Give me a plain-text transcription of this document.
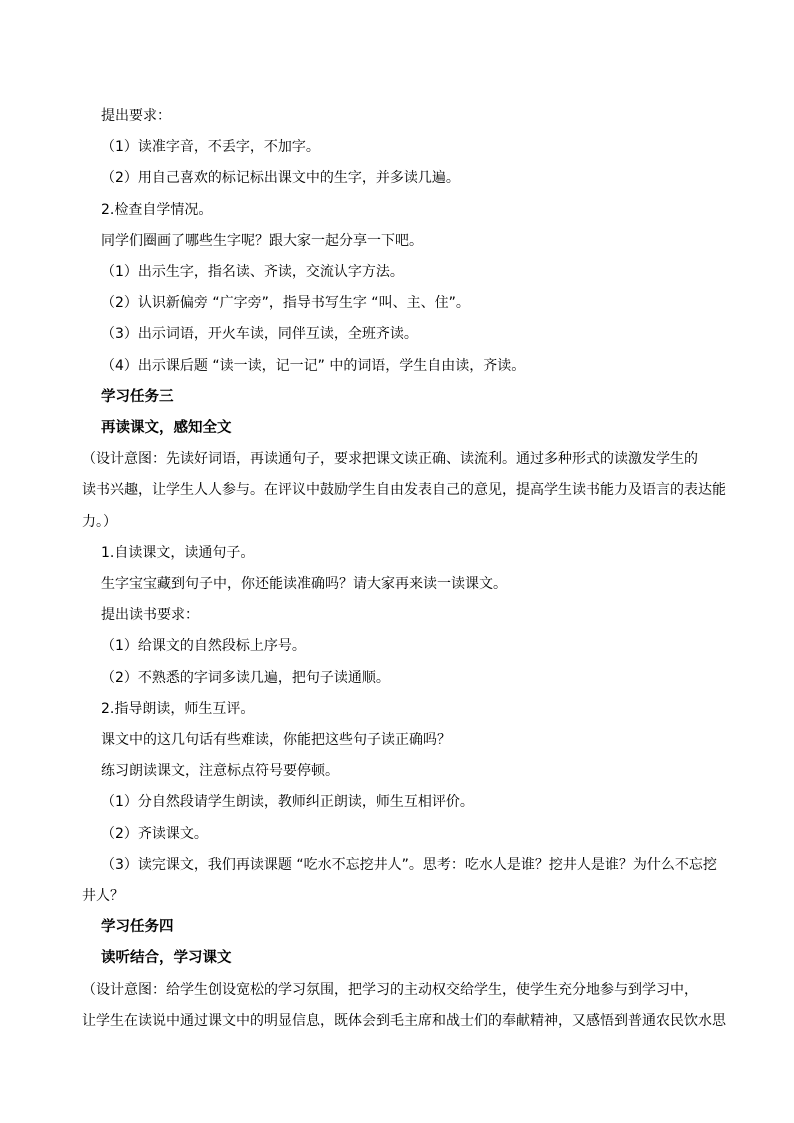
提出要求：

（1）读准字音，不丢字，不加字。

（2）用自己喜欢的标记标出课文中的生字，并多读几遍。

2.检查自学情况。

同学们圈画了哪些生字呢？跟大家一起分享一下吧。

（1）出示生字，指名读、齐读，交流认字方法。

（2）认识新偏旁 “广字旁”，指导书写生字 “叫、主、住”。

（3）出示词语，开火车读，同伴互读，全班齐读。

（4）出示课后题 “读一读，记一记” 中的词语，学生自由读，齐读。

学习任务三

再读课文，感知全文

（设计意图：先读好词语，再读通句子，要求把课文读正确、读流利。通过多种形式的读激发学生的

读书兴趣，让学生人人参与。在评议中鼓励学生自由发表自己的意见，提高学生读书能力及语言的表达能

力。）

1.自读课文，读通句子。

生字宝宝藏到句子中，你还能读准确吗？请大家再来读一读课文。

提出读书要求：

（1）给课文的自然段标上序号。

（2）不熟悉的字词多读几遍，把句子读通顺。

2.指导朗读，师生互评。

课文中的这几句话有些难读，你能把这些句子读正确吗？

练习朗读课文，注意标点符号要停顿。

（1）分自然段请学生朗读，教师纠正朗读，师生互相评价。

（2）齐读课文。

（3）读完课文，我们再读课题 “吃水不忘挖井人”。思考：吃水人是谁？挖井人是谁？为什么不忘挖

井人？

学习任务四

读听结合，学习课文

（设计意图：给学生创设宽松的学习氛围，把学习的主动权交给学生，使学生充分地参与到学习中，

让学生在读说中通过课文中的明显信息，既体会到毛主席和战士们的奉献精神，又感悟到普通农民饮水思
